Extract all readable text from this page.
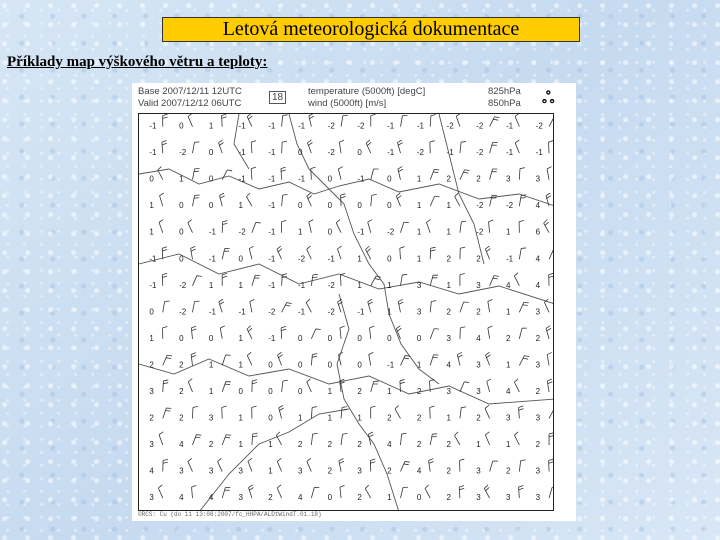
Letová meteorologická dokumentace
Příklady map výškového větru a teploty:
Base 2007/12/11 12UTC
Valid 2007/12/12 06UTC
18
temperature (5000ft) [degC]
wind (5000ft) [m/s]
825hPa
850hPa ஃ
-1	0	1	-1	-1	-1	-2	-2	-1	-1	-2	-2	-1	-2
-1	-2	0	-1	-1	0	-2	0	-1	-2	-1	-2	-1	-1
0	1	0	-1	-1	-1	0	-1	0	1	2	2	3	3
1	0	0	1	-1	0	0	0	0	1	1	-2	-2	4
1	0	-1	-2	-1	1	0	-1	-2	1	1	-2	1	6
-1	0	-1	0	-1	-2	-1	1	0	1	2	2	-1	4
-1	-2	1	1	-1	-1	-2	1	1	3	1	3	4	4
0	-2	-1	-1	-2	-1	-2	-1	1	3	2	2	1	3
1	0	0	1	-1	0	0	0	0	0	3	4	2	2
2	2	1	1	0	0	0	0	-1	1	4	3	1	3
3	2	1	0	0	0	1	2	1	2	3	3	4	2
2	2	3	1	0	1	1	1	2	2	1	2	3	3
3	4	2	1	1	2	2	2	4	2	2	1	1	2
4	3	3	3	1	3	2	3	2	4	2	3	2	3
3	4	4	3	2	4	0	2	1	0	2	3	3	3
©RCS: Cu (do 11 13:08:2007/fc_HHPA/ALDtWindT.01.18)
